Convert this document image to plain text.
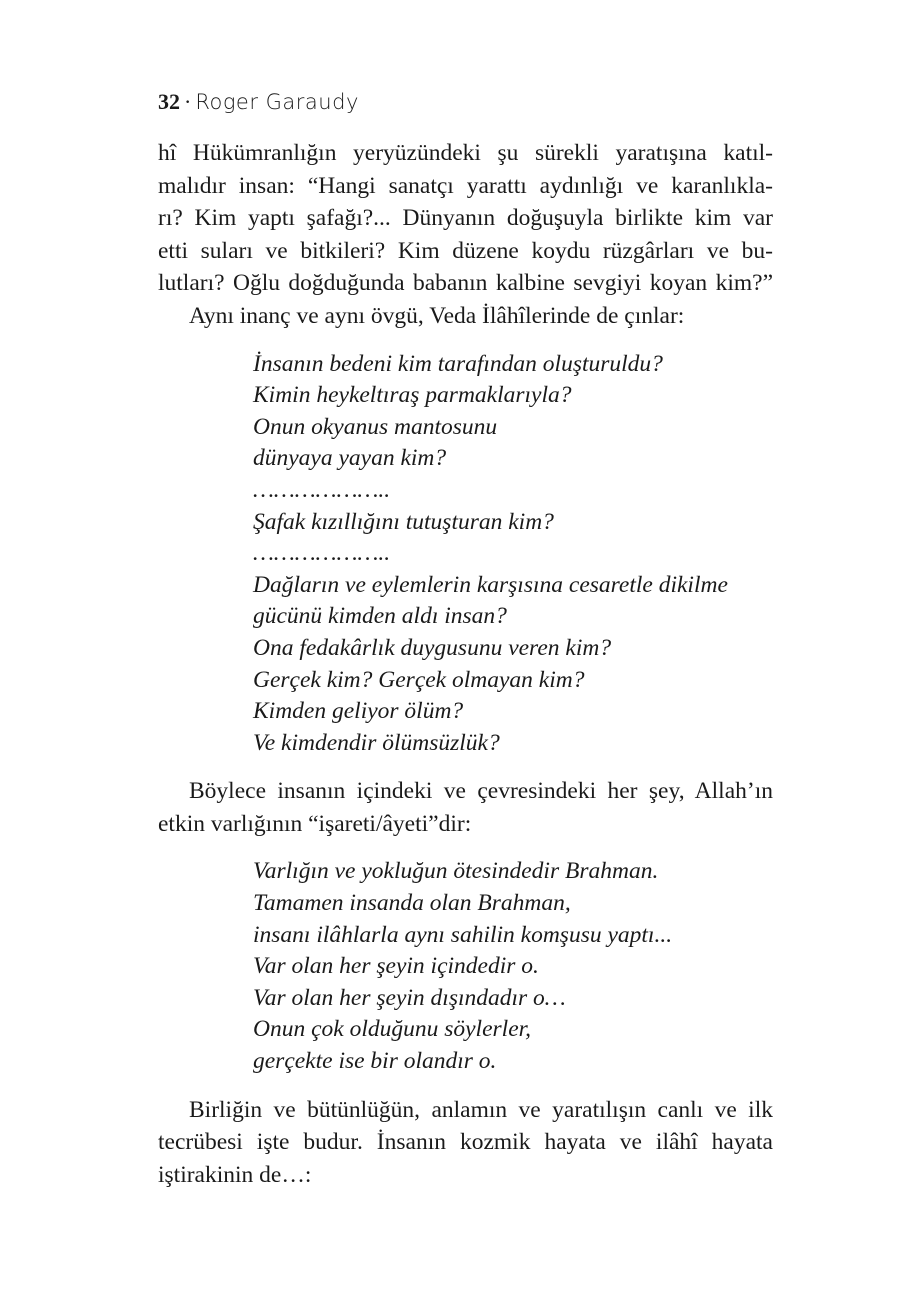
32 · Roger Garaudy
hî Hükümranlığın yeryüzündeki şu sürekli yaratışına katıl-
malıdır insan: “Hangi sanatçı yarattı aydınlığı ve karanlıkla-
rı? Kim yaptı şafağı?... Dünyanın doğuşuyla birlikte kim var
etti suları ve bitkileri? Kim düzene koydu rüzgârları ve bu-
lutları? Oğlu doğduğunda babanın kalbine sevgiyi koyan kim?”
Aynı inanç ve aynı övgü, Veda İlâhîlerinde de çınlar:
İnsanın bedeni kim tarafından oluşturuldu?
Kimin heykeltıraş parmaklarıyla?
Onun okyanus mantosunu
dünyaya yayan kim?
………………..
Şafak kızıllığını tutuşturan kim?
………………..
Dağların ve eylemlerin karşısına cesaretle dikilme
gücünü kimden aldı insan?
Ona fedakârlık duygusunu veren kim?
Gerçek kim? Gerçek olmayan kim?
Kimden geliyor ölüm?
Ve kimdendir ölümsüzlük?
Böylece insanın içindeki ve çevresindeki her şey, Allah’ın
etkin varlığının “işareti/âyeti”dir:
Varlığın ve yokluğun ötesindedir Brahman.
Tamamen insanda olan Brahman,
insanı ilâhlarla aynı sahilin komşusu yaptı...
Var olan her şeyin içindedir o.
Var olan her şeyin dışındadır o…
Onun çok olduğunu söylerler,
gerçekte ise bir olandır o.
Birliğin ve bütünlüğün, anlamın ve yaratılışın canlı ve ilk
tecrübesi işte budur. İnsanın kozmik hayata ve ilâhî hayata
iştirakinin de…:
